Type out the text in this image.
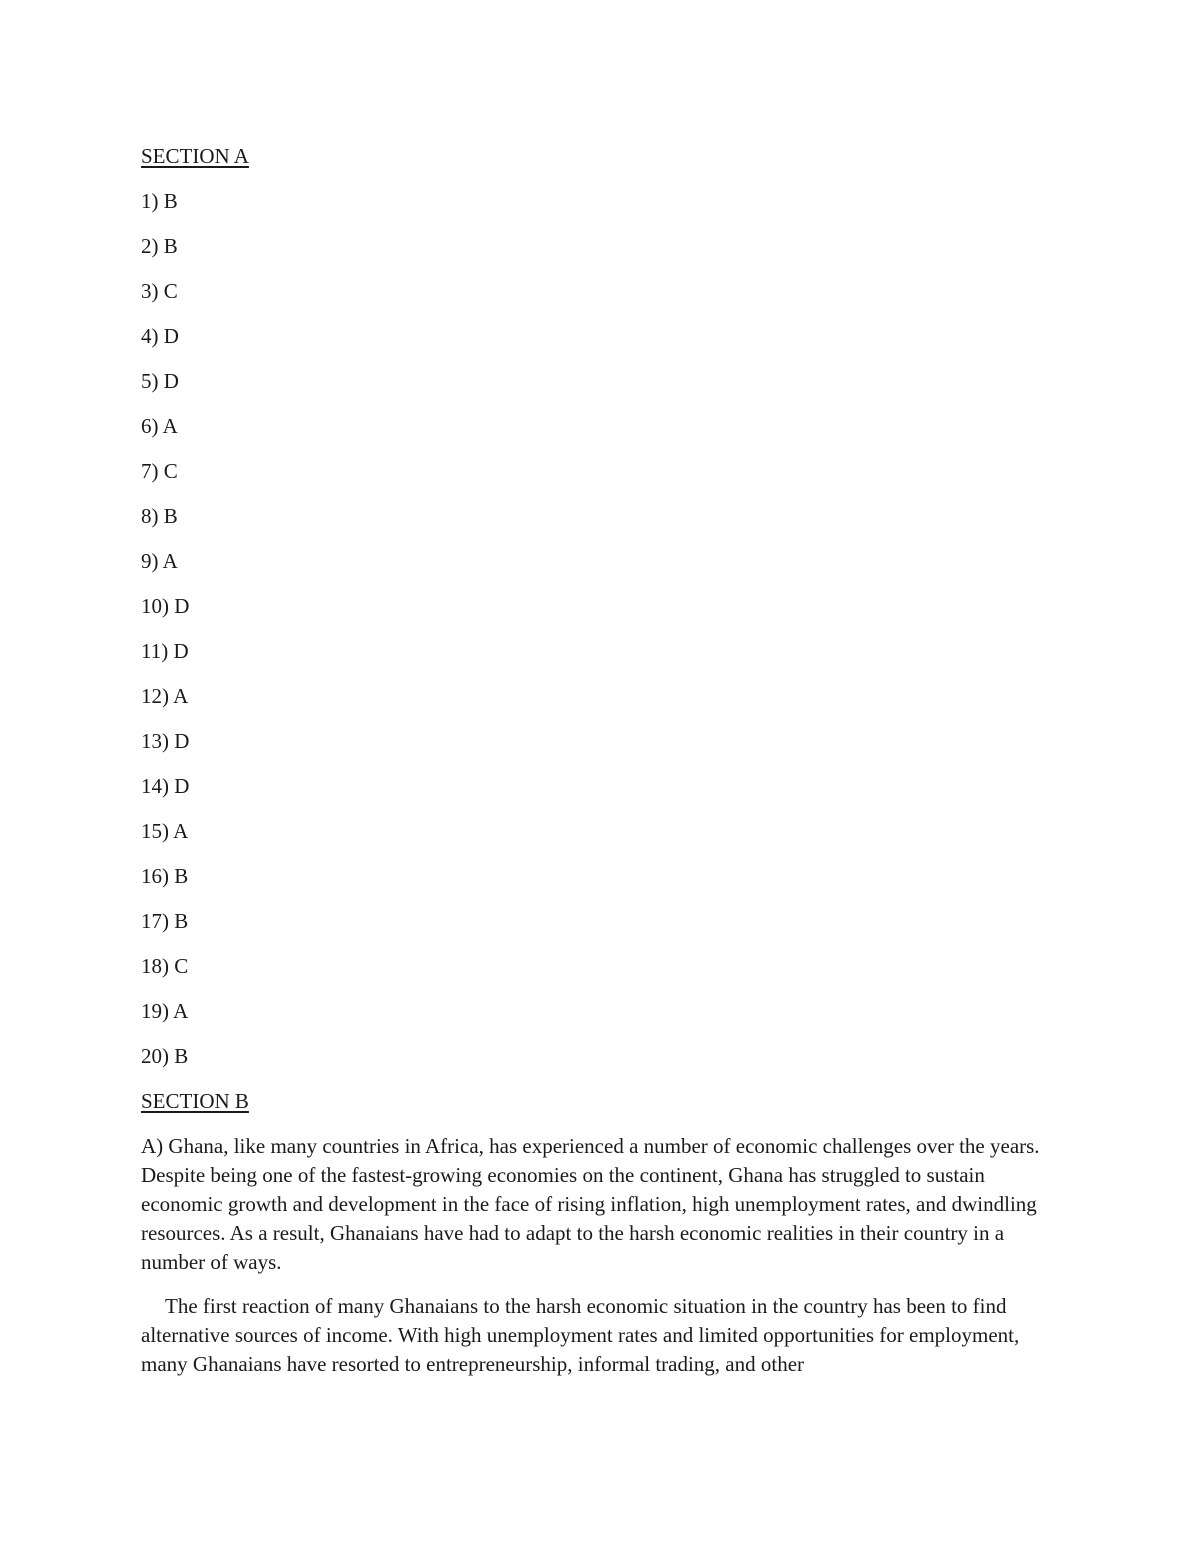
SECTION A
1) B
2) B
3) C
4) D
5) D
6) A
7) C
8) B
9) A
10) D
11) D
12) A
13) D
14) D
15) A
16) B
17) B
18) C
19) A
20) B
SECTION B

A) Ghana, like many countries in Africa, has experienced a number of economic challenges over the years. Despite being one of the fastest-growing economies on the continent, Ghana has struggled to sustain economic growth and development in the face of rising inflation, high unemployment rates, and dwindling resources. As a result, Ghanaians have had to adapt to the harsh economic realities in their country in a number of ways.

The first reaction of many Ghanaians to the harsh economic situation in the country has been to find alternative sources of income. With high unemployment rates and limited opportunities for employment, many Ghanaians have resorted to entrepreneurship, informal trading, and other
